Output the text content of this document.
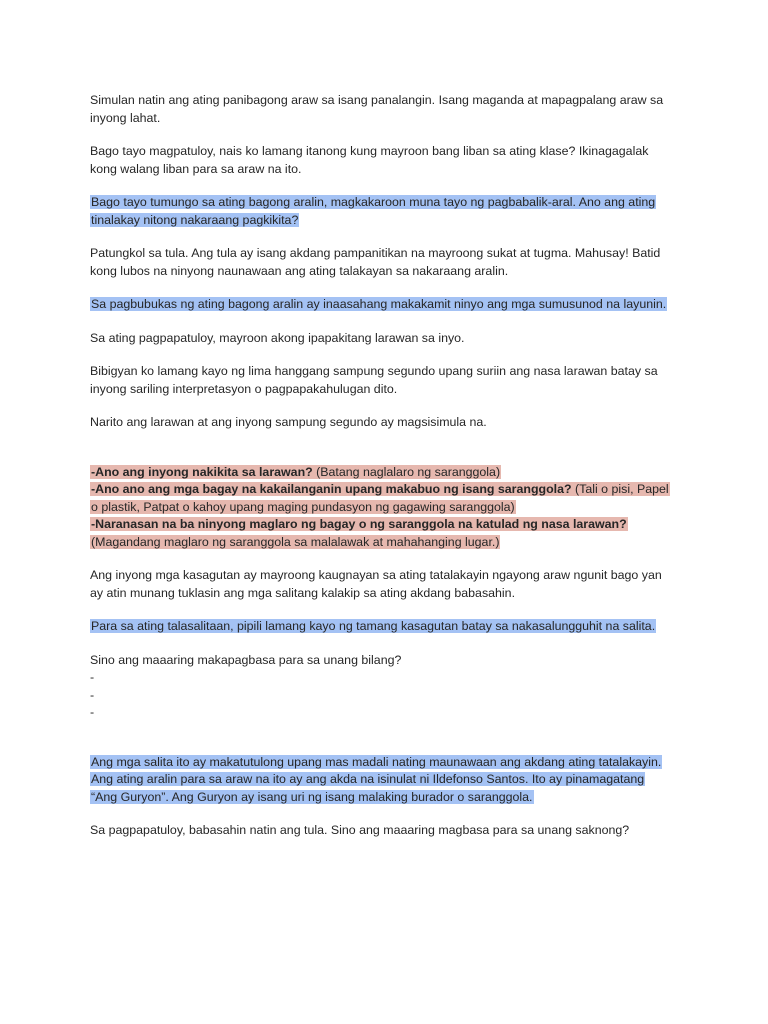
Simulan natin ang ating panibagong araw sa isang panalangin. Isang maganda at mapagpalang araw sa
inyong lahat.

Bago tayo magpatuloy, nais ko lamang itanong kung mayroon bang liban sa ating klase? Ikinagagalak
kong walang liban para sa araw na ito.

Bago tayo tumungo sa ating bagong aralin, magkakaroon muna tayo ng pagbabalik-aral. Ano ang ating
tinalakay nitong nakaraang pagkikita?

Patungkol sa tula. Ang tula ay isang akdang pampanitikan na mayroong sukat at tugma. Mahusay! Batid
kong lubos na ninyong naunawaan ang ating talakayan sa nakaraang aralin.

Sa pagbubukas ng ating bagong aralin ay inaasahang makakamit ninyo ang mga sumusunod na layunin.

Sa ating pagpapatuloy, mayroon akong ipapakitang larawan sa inyo.

Bibigyan ko lamang kayo ng lima hanggang sampung segundo upang suriin ang nasa larawan batay sa
inyong sariling interpretasyon o pagpapakahulugan dito.

Narito ang larawan at ang inyong sampung segundo ay magsisimula na.

-Ano ang inyong nakikita sa larawan? (Batang naglalaro ng saranggola)
-Ano ano ang mga bagay na kakailanganin upang makabuo ng isang saranggola? (Tali o pisi, Papel
o plastik, Patpat o kahoy upang maging pundasyon ng gagawing saranggola)
-Naranasan na ba ninyong maglaro ng bagay o ng saranggola na katulad ng nasa larawan?
(Magandang maglaro ng saranggola sa malalawak at mahahanging lugar.)

Ang inyong mga kasagutan ay mayroong kaugnayan sa ating tatalakayin ngayong araw ngunit bago yan
ay atin munang tuklasin ang mga salitang kalakip sa ating akdang babasahin.

Para sa ating talasalitaan, pipili lamang kayo ng tamang kasagutan batay sa nakasalungguhit na salita.

Sino ang maaaring makapagbasa para sa unang bilang?
-
-
-

Ang mga salita ito ay makatutulong upang mas madali nating maunawaan ang akdang ating tatalakayin.
Ang ating aralin para sa araw na ito ay ang akda na isinulat ni Ildefonso Santos. Ito ay pinamagatang
“Ang Guryon”. Ang Guryon ay isang uri ng isang malaking burador o saranggola.

Sa pagpapatuloy, babasahin natin ang tula. Sino ang maaaring magbasa para sa unang saknong?
